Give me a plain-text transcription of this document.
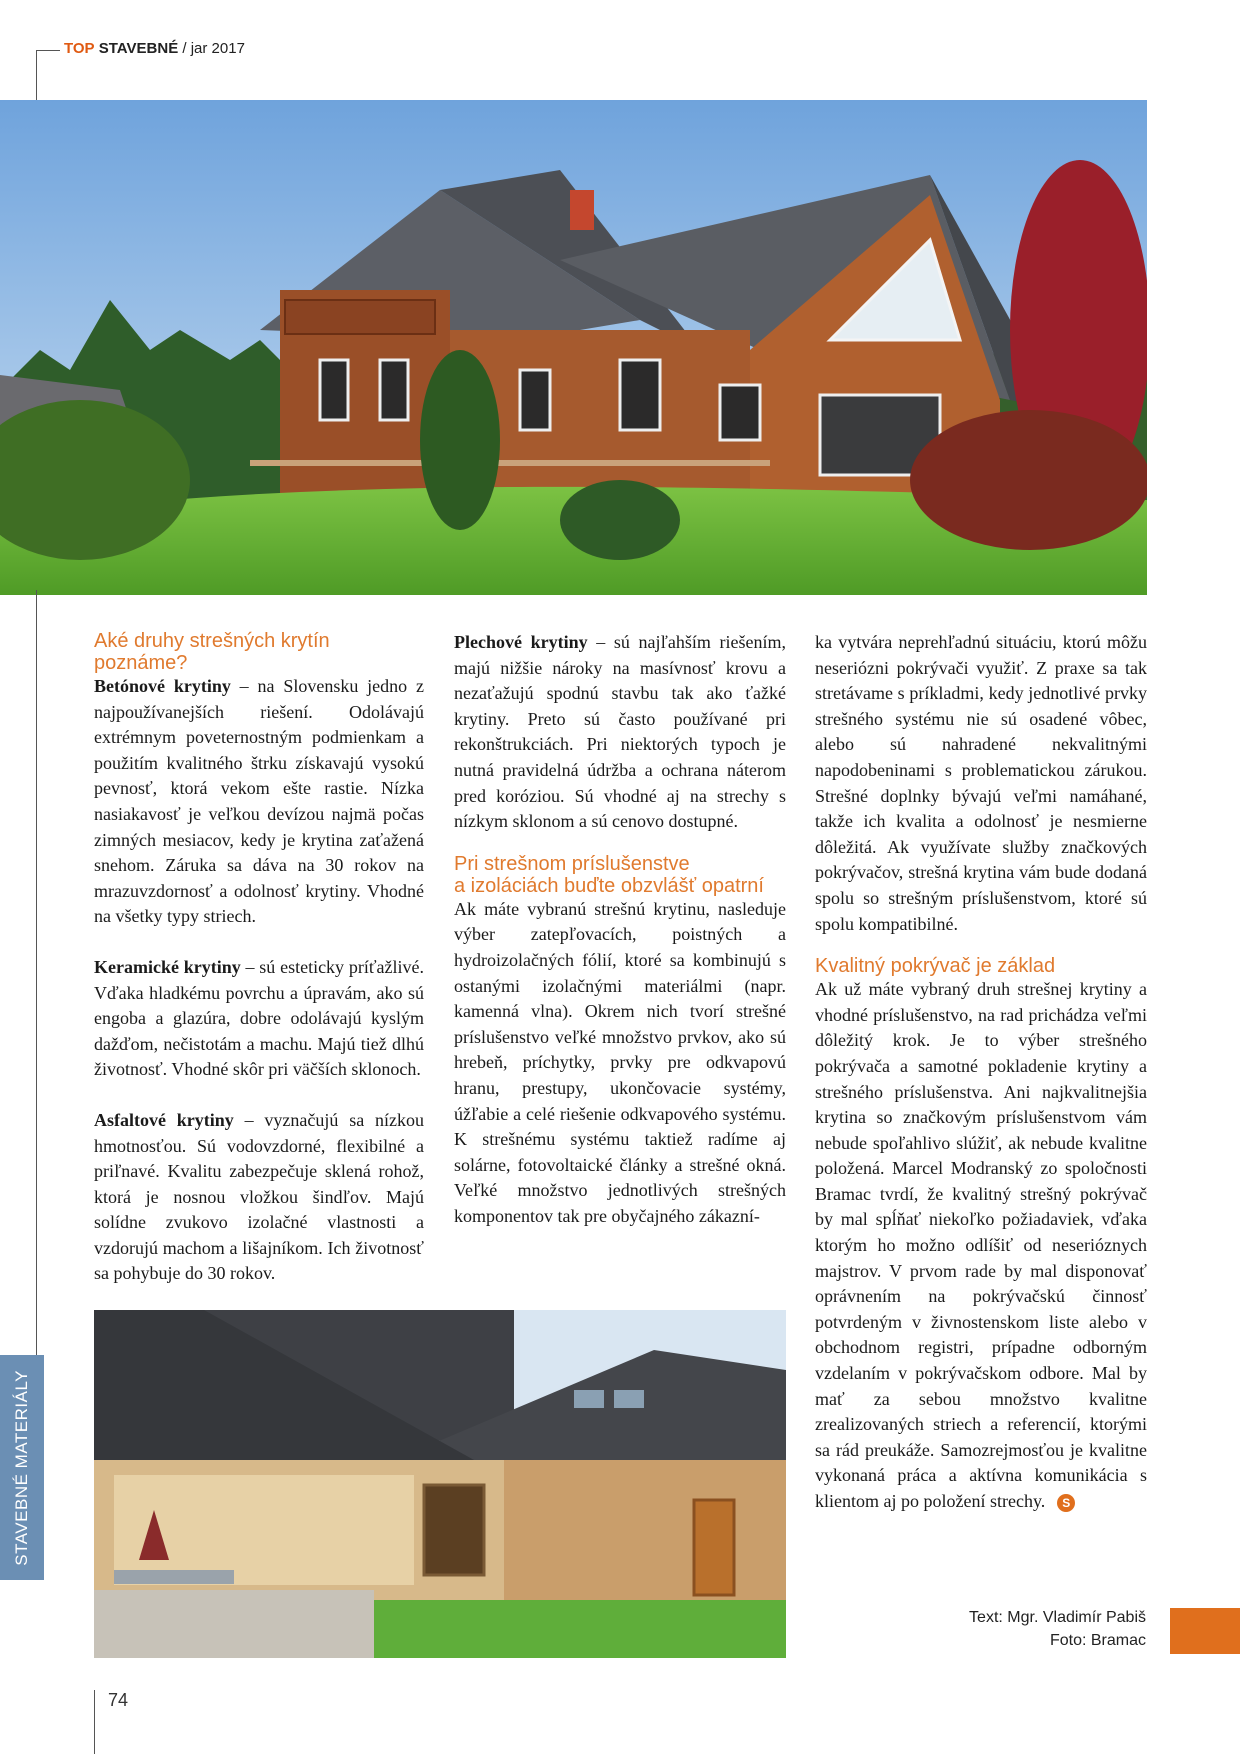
TOP STAVEBNÉ / jar 2017
STAVEBNÉ MATERIÁLY
Aké druhy strešných krytín poznáme?

Betónové krytiny – na Slovensku jedno z najpoužívanejších riešení. Odolávajú extrémnym poveternostným podmienkam a použitím kvalitného štrku získavajú vysokú pevnosť, ktorá vekom ešte rastie. Nízka nasiakavosť je veľkou devízou najmä počas zimných mesiacov, kedy je krytina zaťažená snehom. Záruka sa dáva na 30 rokov na mrazuvzdornosť a odolnosť krytiny. Vhodné na všetky typy striech.

Keramické krytiny – sú esteticky príťažlivé. Vďaka hladkému povrchu a úpravám, ako sú engoba a glazúra, dobre odolávajú kyslým dažďom, nečistotám a machu. Majú tiež dlhú životnosť. Vhodné skôr pri väčších sklonoch.

Asfaltové krytiny – vyznačujú sa nízkou hmotnosťou. Sú vodovzdorné, flexibilné a priľnavé. Kvalitu zabezpečuje sklená rohož, ktorá je nosnou vložkou šindľov. Majú solídne zvukovo izolačné vlastnosti a vzdorujú machom a lišajníkom. Ich životnosť sa pohybuje do 30 rokov.

Plechové krytiny – sú najľahším riešením, majú nižšie nároky na masívnosť krovu a nezaťažujú spodnú stavbu tak ako ťažké krytiny. Preto sú často používané pri rekonštrukciách. Pri niektorých typoch je nutná pravidelná údržba a ochrana náterom pred koróziou. Sú vhodné aj na strechy s nízkym sklonom a sú cenovo dostupné.

Pri strešnom príslušenstve
a izoláciách buďte obzvlášť opatrní

Ak máte vybranú strešnú krytinu, nasleduje výber zatepľovacích, poistných a hydroizolačných fólií, ktoré sa kombinujú s ostanými izolačnými materiálmi (napr. kamenná vlna). Okrem nich tvorí strešné príslušenstvo veľké množstvo prvkov, ako sú hrebeň, príchytky, prvky pre odkvapovú hranu, prestupy, ukončovacie systémy, úžľabie a celé riešenie odkvapového systému. K strešnému systému taktiež radíme aj solárne, fotovoltaické články a strešné okná. Veľké množstvo jednotlivých strešných komponentov tak pre obyčajného zákazní-

ka vytvára neprehľadnú situáciu, ktorú môžu neseriózni pokrývači využiť. Z praxe sa tak stretávame s príkladmi, kedy jednotlivé prvky strešného systému nie sú osadené vôbec, alebo sú nahradené nekvalitnými napodobeninami s problematickou zárukou. Strešné doplnky bývajú veľmi namáhané, takže ich kvalita a odolnosť je nesmierne dôležitá. Ak využívate služby značkových pokrývačov, strešná krytina vám bude dodaná spolu so strešným príslušenstvom, ktoré sú spolu kompatibilné.

Kvalitný pokrývač je základ

Ak už máte vybraný druh strešnej krytiny a vhodné príslušenstvo, na rad prichádza veľmi dôležitý krok. Je to výber strešného pokrývača a samotné pokladenie krytiny a strešného príslušenstva. Ani najkvalitnejšia krytina so značkovým príslušenstvom vám nebude spoľahlivo slúžiť, ak nebude kvalitne položená. Marcel Modranský zo spoločnosti Bramac tvrdí, že kvalitný strešný pokrývač by mal spĺňať niekoľko požiadaviek, vďaka ktorým ho možno odlíšiť od neserióznych majstrov. V prvom rade by mal disponovať oprávnením na pokrývačskú činnosť potvrdeným v živnostenskom liste alebo v obchodnom registri, prípadne odborným vzdelaním v pokrývačskom odbore. Mal by mať za sebou množstvo kvalitne zrealizovaných striech a referencií, ktorými sa rád preukáže. Samozrejmosťou je kvalitne vykonaná práca a aktívna komunikácia s klientom aj po položení strechy. S

Text: Mgr. Vladimír Pabiš
Foto: Bramac
74
